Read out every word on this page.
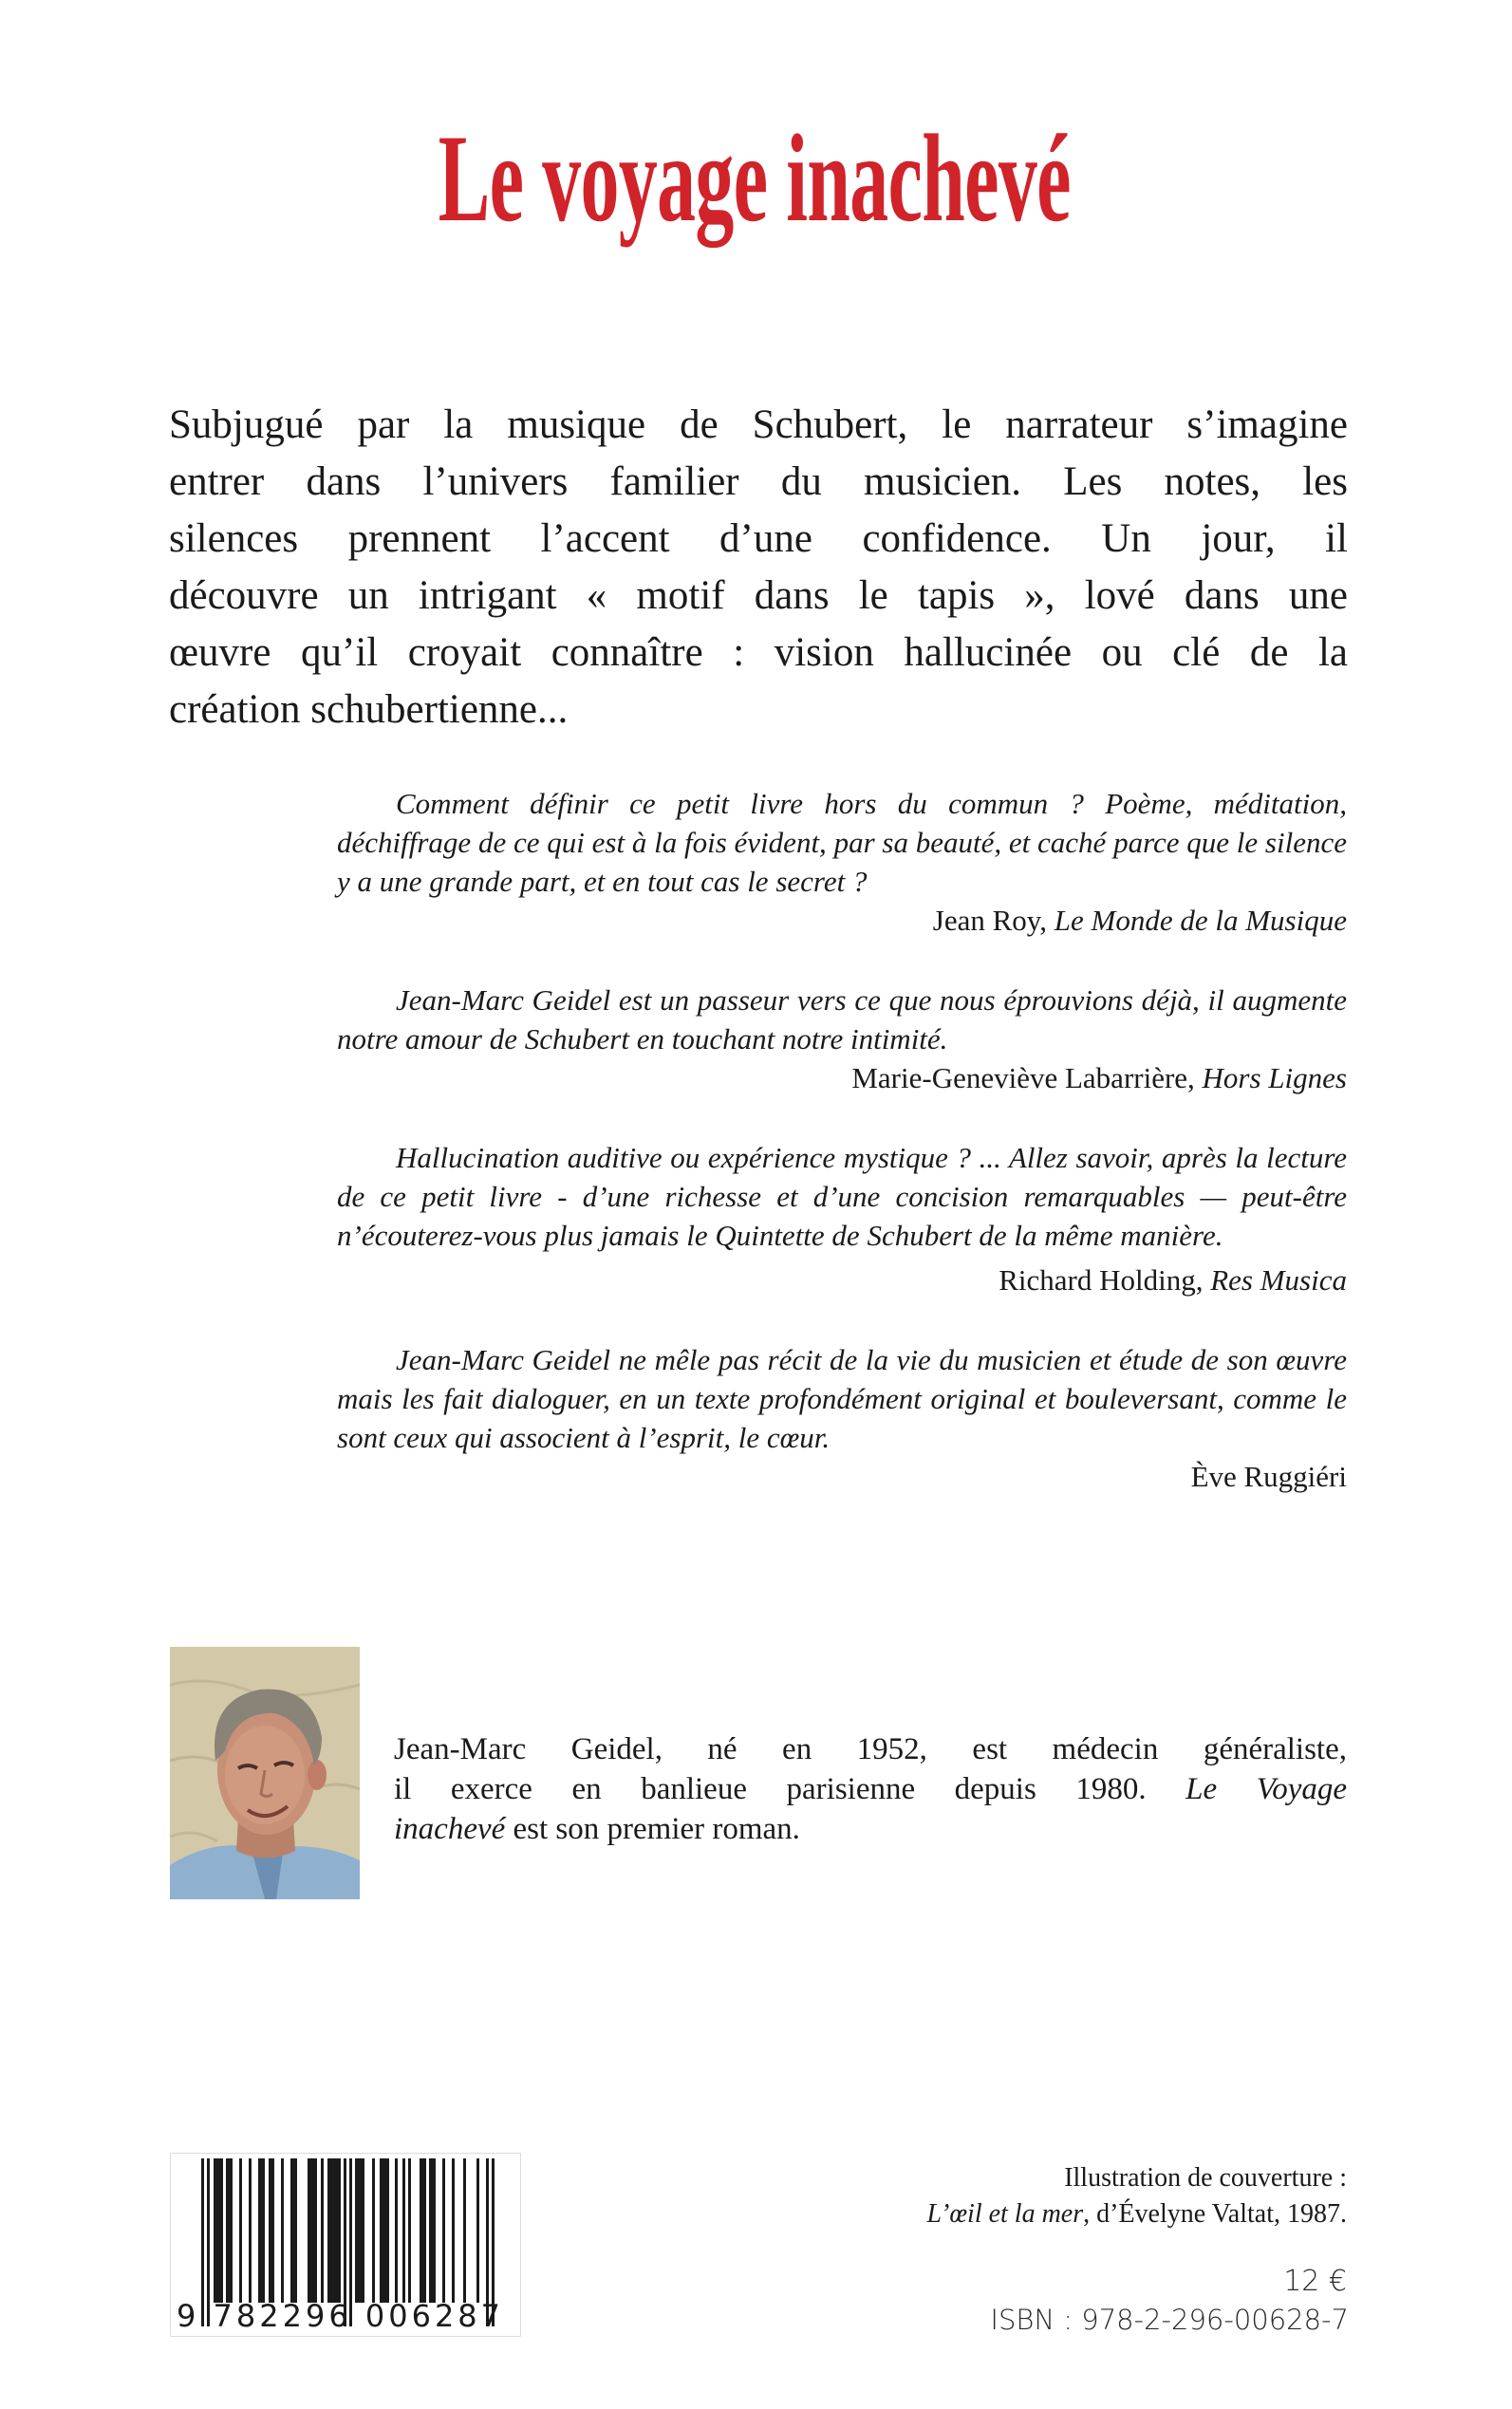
Le voyage inachevé
Subjugué par la musique de Schubert, le narrateur s’imagine
entrer dans l’univers familier du musicien. Les notes, les
silences prennent l’accent d’une confidence. Un jour, il
découvre un intrigant « motif dans le tapis », lové dans une
œuvre qu’il croyait connaître : vision hallucinée ou clé de la
création schubertienne...

Comment définir ce petit livre hors du commun ? Poème, méditation, déchiffrage de ce qui est à la fois évident, par sa beauté, et caché parce que le silence y a une grande part, et en tout cas le secret ?

Jean Roy, Le Monde de la Musique

Jean-Marc Geidel est un passeur vers ce que nous éprouvions déjà, il augmente notre amour de Schubert en touchant notre intimité.

Marie-Geneviève Labarrière, Hors Lignes

Hallucination auditive ou expérience mystique ? ... Allez savoir, après la lecture de ce petit livre - d’une richesse et d’une concision remarquables — peut-être n’écouterez-vous plus jamais le Quintette de Schubert de la même manière.

Richard Holding, Res Musica

Jean-Marc Geidel ne mêle pas récit de la vie du musicien et étude de son œuvre mais les fait dialoguer, en un texte profondément original et bouleversant, comme le sont ceux qui associent à l’esprit, le cœur.

Ève Ruggiéri
Jean-Marc Geidel, né en 1952, est médecin généraliste,
il exerce en banlieue parisienne depuis 1980. Le Voyage
inachevé est son premier roman.
9 782296 006287
Illustration de couverture :
L’œil et la mer, d’Évelyne Valtat, 1987.
12 €
ISBN : 978-2-296-00628-7
